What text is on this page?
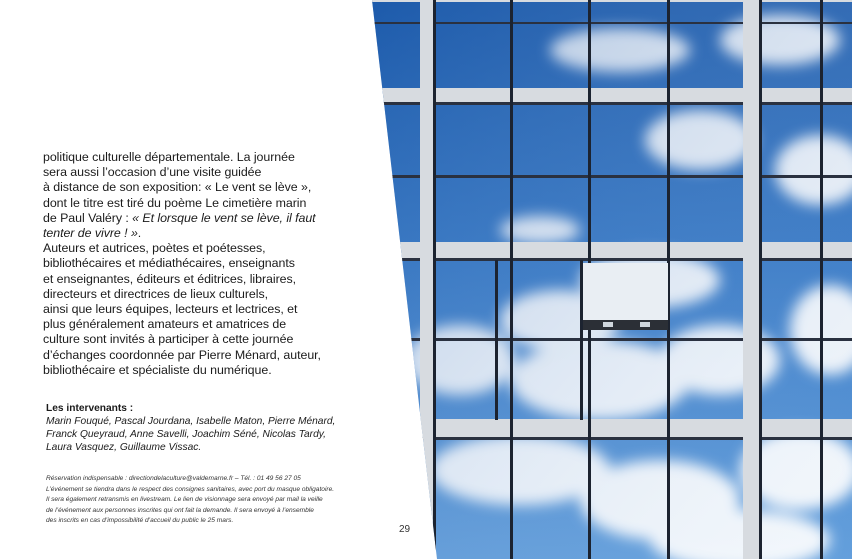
politique culturelle départementale. La journée
sera aussi l’occasion d’une visite guidée
à distance de son exposition: « Le vent se lève »,
dont le titre est tiré du poème Le cimetière marin
de Paul Valéry : « Et lorsque le vent se lève, il faut
tenter de vivre ! ».
Auteurs et autrices, poètes et poétesses,
bibliothécaires et médiathécaires, enseignants
et enseignantes, éditeurs et éditrices, libraires,
directeurs et directrices de lieux culturels,
ainsi que leurs équipes, lecteurs et lectrices, et
plus généralement amateurs et amatrices de
culture sont invités à participer à cette journée
d’échanges coordonnée par Pierre Ménard, auteur,
bibliothécaire et spécialiste du numérique.
Les intervenants :
Marin Fouqué, Pascal Jourdana, Isabelle Maton, Pierre Ménard,
Franck Queyraud, Anne Savelli, Joachim Séné, Nicolas Tardy,
Laura Vasquez, Guillaume Vissac.
Réservation indispensable : directiondelaculture@valdemarne.fr – Tél. : 01 49 56 27 05
L’événement se tiendra dans le respect des consignes sanitaires, avec port du masque obligatoire.
Il sera également retransmis en livestream. Le lien de visionnage sera envoyé par mail la veille
de l’événement aux personnes inscrites qui ont fait la demande. Il sera envoyé à l’ensemble
des inscrits en cas d’impossibilité d’accueil du public le 25 mars.
29
